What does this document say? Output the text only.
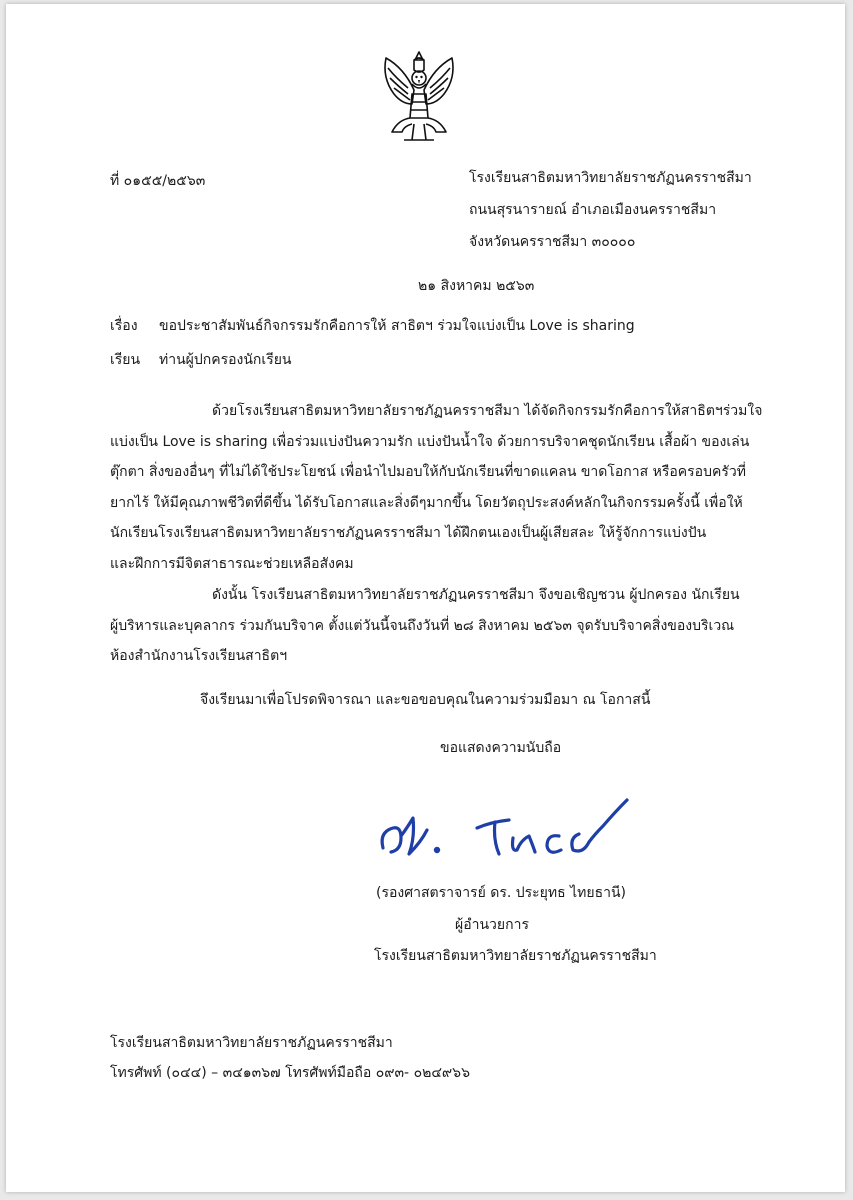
ที่ ๐๑๕๕/๒๕๖๓	โรงเรียนสาธิตมหาวิทยาลัยราชภัฏนครราชสีมา
ถนนสุรนารายณ์ อำเภอเมืองนครราชสีมา
จังหวัดนครราชสีมา ๓๐๐๐๐
๒๑ สิงหาคม ๒๕๖๓
เรื่อง ขอประชาสัมพันธ์กิจกรรมรักคือการให้ สาธิตฯ ร่วมใจแบ่งเป็น Love is sharing
เรียน ท่านผู้ปกครองนักเรียน
ด้วยโรงเรียนสาธิตมหาวิทยาลัยราชภัฏนครราชสีมา ได้จัดกิจกรรมรักคือการให้สาธิตฯร่วมใจ
แบ่งเป็น Love is sharing เพื่อร่วมแบ่งปันความรัก แบ่งปันน้ำใจ ด้วยการบริจาคชุดนักเรียน เสื้อผ้า ของเล่น
ตุ๊กตา สิ่งของอื่นๆ ที่ไม่ได้ใช้ประโยชน์ เพื่อนำไปมอบให้กับนักเรียนที่ขาดแคลน ขาดโอกาส หรือครอบครัวที่
ยากไร้ ให้มีคุณภาพชีวิตที่ดีขึ้น ได้รับโอกาสและสิ่งดีๆมากขึ้น โดยวัตถุประสงค์หลักในกิจกรรมครั้งนี้ เพื่อให้
นักเรียนโรงเรียนสาธิตมหาวิทยาลัยราชภัฏนครราชสีมา ได้ฝึกตนเองเป็นผู้เสียสละ ให้รู้จักการแบ่งปัน
และฝึกการมีจิตสาธารณะช่วยเหลือสังคม
ดังนั้น โรงเรียนสาธิตมหาวิทยาลัยราชภัฏนครราชสีมา จึงขอเชิญชวน ผู้ปกครอง นักเรียน
ผู้บริหารและบุคลากร ร่วมกันบริจาค ตั้งแต่วันนี้จนถึงวันที่ ๒๘ สิงหาคม ๒๕๖๓ จุดรับบริจาคสิ่งของบริเวณ
ห้องสำนักงานโรงเรียนสาธิตฯ
จึงเรียนมาเพื่อโปรดพิจารณา และขอขอบคุณในความร่วมมือมา ณ โอกาสนี้
ขอแสดงความนับถือ
(รองศาสตราจารย์ ดร. ประยุทธ ไทยธานี)
ผู้อำนวยการ
โรงเรียนสาธิตมหาวิทยาลัยราชภัฏนครราชสีมา
โรงเรียนสาธิตมหาวิทยาลัยราชภัฏนครราชสีมา
โทรศัพท์ (๐๔๔) – ๓๔๑๓๖๗ โทรศัพท์มือถือ ๐๙๓- ๐๒๔๙๖๖
